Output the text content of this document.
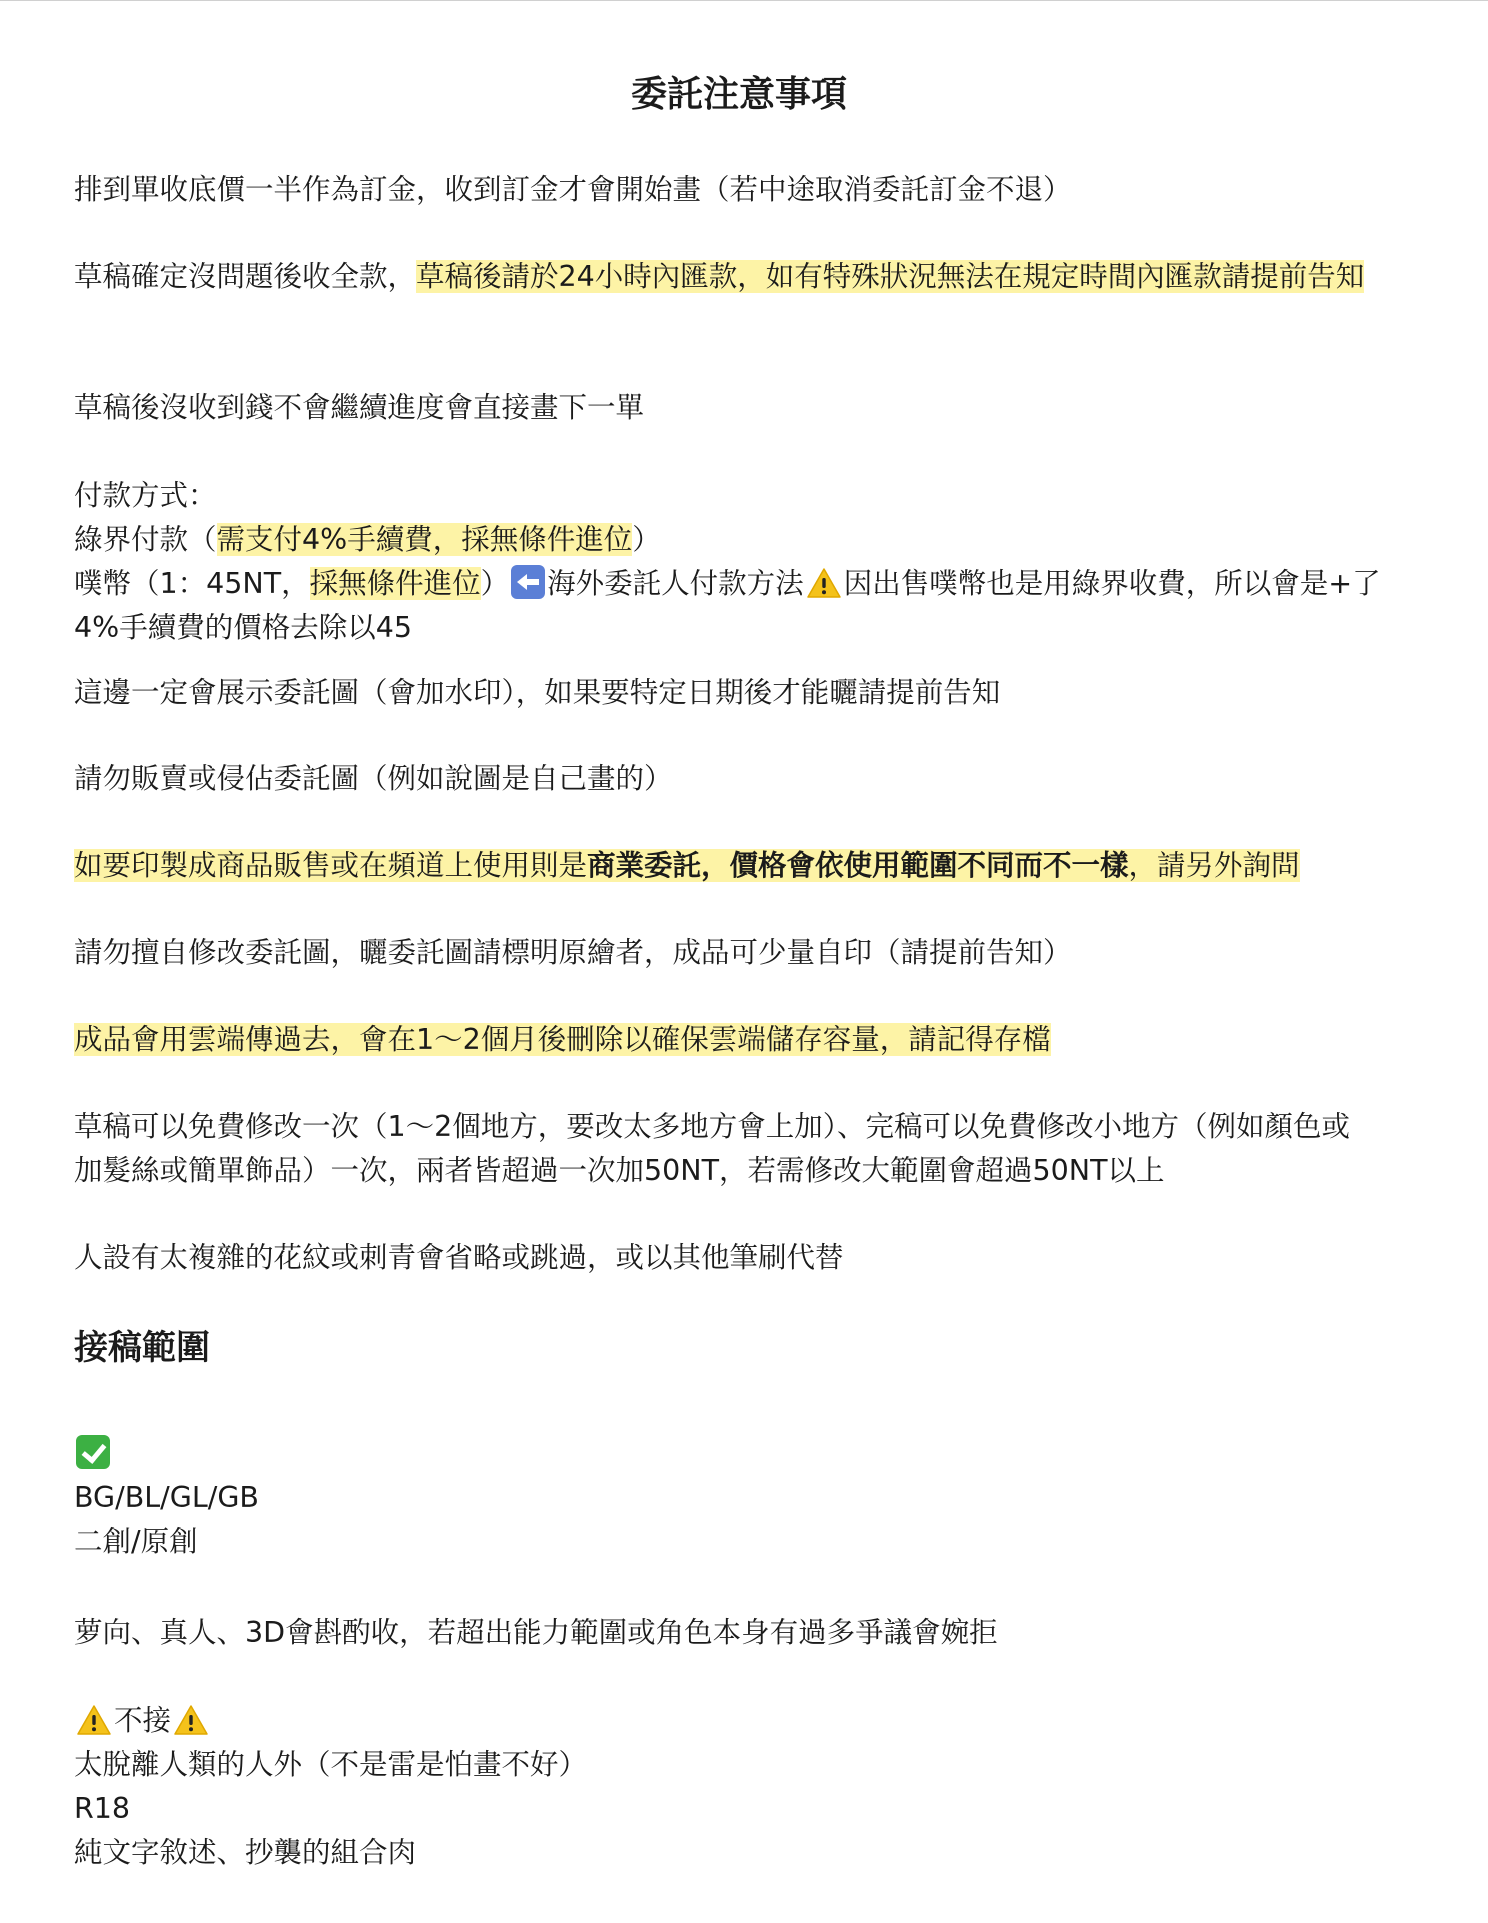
委託注意事項

排到單收底價一半作為訂金，收到訂金才會開始畫（若中途取消委託訂金不退）

草稿確定沒問題後收全款，草稿後請於24小時內匯款，如有特殊狀況無法在規定時間內匯款請提前告知

草稿後沒收到錢不會繼續進度會直接畫下一單

付款方式：
綠界付款（需支付4%手續費，採無條件進位）
噗幣（1：45NT，採無條件進位） 海外委託人付款方法 因出售噗幣也是用綠界收費，所以會是+了4%手續費的價格去除以45

這邊一定會展示委託圖（會加水印），如果要特定日期後才能曬請提前告知

請勿販賣或侵佔委託圖（例如說圖是自己畫的）

如要印製成商品販售或在頻道上使用則是商業委託，價格會依使用範圍不同而不一樣，請另外詢問

請勿擅自修改委託圖，曬委託圖請標明原繪者，成品可少量自印（請提前告知）

成品會用雲端傳過去，會在1～2個月後刪除以確保雲端儲存容量，請記得存檔

草稿可以免費修改一次（1～2個地方，要改太多地方會上加）、完稿可以免費修改小地方（例如顏色或加髮絲或簡單飾品）一次，兩者皆超過一次加50NT，若需修改大範圍會超過50NT以上

人設有太複雜的花紋或刺青會省略或跳過，或以其他筆刷代替

接稿範圍

BG/BL/GL/GB
二創/原創

萝向、真人、3D會斟酌收，若超出能力範圍或角色本身有過多爭議會婉拒

不接

太脫離人類的人外（不是雷是怕畫不好）
R18
純文字敘述、抄襲的組合肉
